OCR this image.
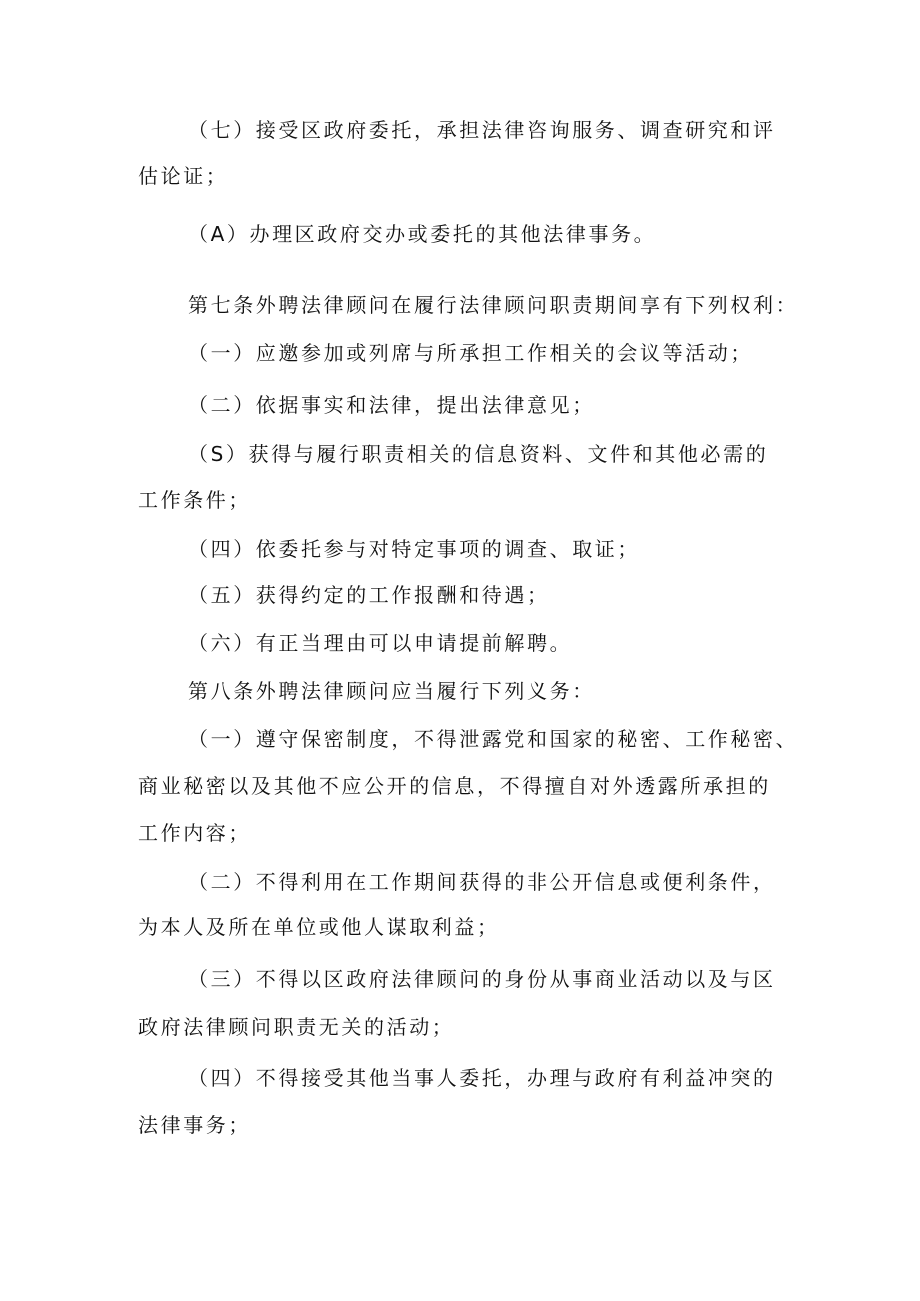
（七）接受区政府委托，承担法律咨询服务、调查研究和评
估论证；
（A）办理区政府交办或委托的其他法律事务。
第七条外聘法律顾问在履行法律顾问职责期间享有下列权利：
（一）应邀参加或列席与所承担工作相关的会议等活动；
（二）依据事实和法律，提出法律意见；
（S）获得与履行职责相关的信息资料、文件和其他必需的
工作条件；
（四）依委托参与对特定事项的调查、取证；
（五）获得约定的工作报酬和待遇；
（六）有正当理由可以申请提前解聘。
第八条外聘法律顾问应当履行下列义务：
（一）遵守保密制度，不得泄露党和国家的秘密、工作秘密、
商业秘密以及其他不应公开的信息，不得擅自对外透露所承担的
工作内容；
（二）不得利用在工作期间获得的非公开信息或便利条件，
为本人及所在单位或他人谋取利益；
（三）不得以区政府法律顾问的身份从事商业活动以及与区
政府法律顾问职责无关的活动；
（四）不得接受其他当事人委托，办理与政府有利益冲突的
法律事务；
